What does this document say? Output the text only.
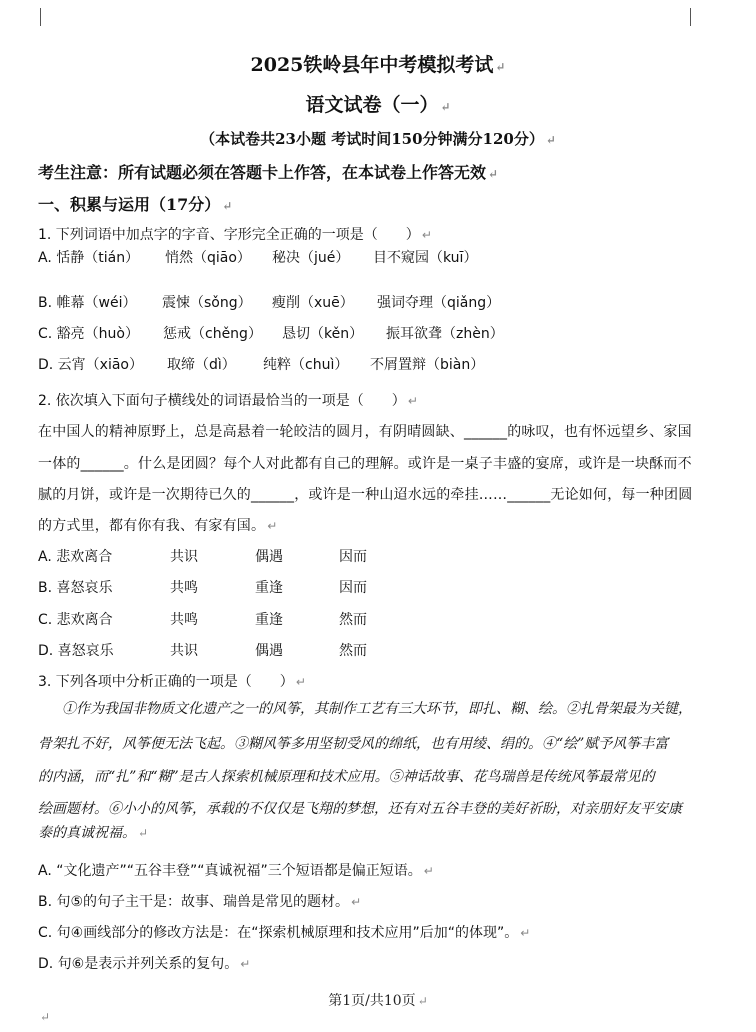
2025铁岭县年中考模拟考试 ↵
语文试卷（一） ↵
（本试卷共23小题 考试时间150分钟满分120分） ↵
考生注意：所有试题必须在答题卡上作答，在本试卷上作答无效 ↵
一、积累与运用（17分） ↵
1. 下列词语中加点字的字音、字形完全正确的一项是（　　） ↵
A. 恬静（tián） 悄然（qiāo） 秘决（jué） 目不窥园（kuī）
B. 帷幕（wéi） 震悚（sǒng） 瘦削（xuē） 强词夺理（qiǎng）
C. 豁亮（huò） 惩戒（chěng） 恳切（kěn） 振耳欲聋（zhèn）
D. 云宵（xiāo） 取缔（dì） 纯粹（chuì） 不屑置辩（biàn）
2. 依次填入下面句子横线处的词语最恰当的一项是（　　） ↵
在中国人的精神原野上，总是高悬着一轮皎洁的圆月，有阴晴圆缺、______的咏叹，也有怀远望乡、家国
一体的______。什么是团圆？每个人对此都有自己的理解。或许是一桌子丰盛的宴席，或许是一块酥而不
腻的月饼，或许是一次期待已久的______，或许是一种山迢水远的牵挂……______无论如何，每一种团圆
的方式里，都有你有我、有家有国。 ↵
A. 悲欢离合	共识	偶遇	因而
B. 喜怒哀乐	共鸣	重逢	因而
C. 悲欢离合	共鸣	重逢	然而
D. 喜怒哀乐	共识	偶遇	然而
3. 下列各项中分析正确的一项是（　　） ↵
①作为我国非物质文化遗产之一的风筝，其制作工艺有三大环节，即扎、糊、绘。②扎骨架最为关键，
骨架扎不好，风筝便无法飞起。③糊风筝多用坚韧受风的绵纸，也有用绫、绢的。④“绘”赋予风筝丰富
的内涵，而“扎”和“糊”是古人探索机械原理和技术应用。⑤神话故事、花鸟瑞兽是传统风筝最常见的
绘画题材。⑥小小的风筝，承载的不仅仅是飞翔的梦想，还有对五谷丰登的美好祈盼，对亲朋好友平安康
泰的真诚祝福。 ↵
A. “文化遗产”“五谷丰登”“真诚祝福”三个短语都是偏正短语。 ↵
B. 句⑤的句子主干是：故事、瑞兽是常见的题材。 ↵
C. 句④画线部分的修改方法是：在“探索机械原理和技术应用”后加“的体现”。 ↵
D. 句⑥是表示并列关系的复句。 ↵
第1页/共10页 ↵
↵
